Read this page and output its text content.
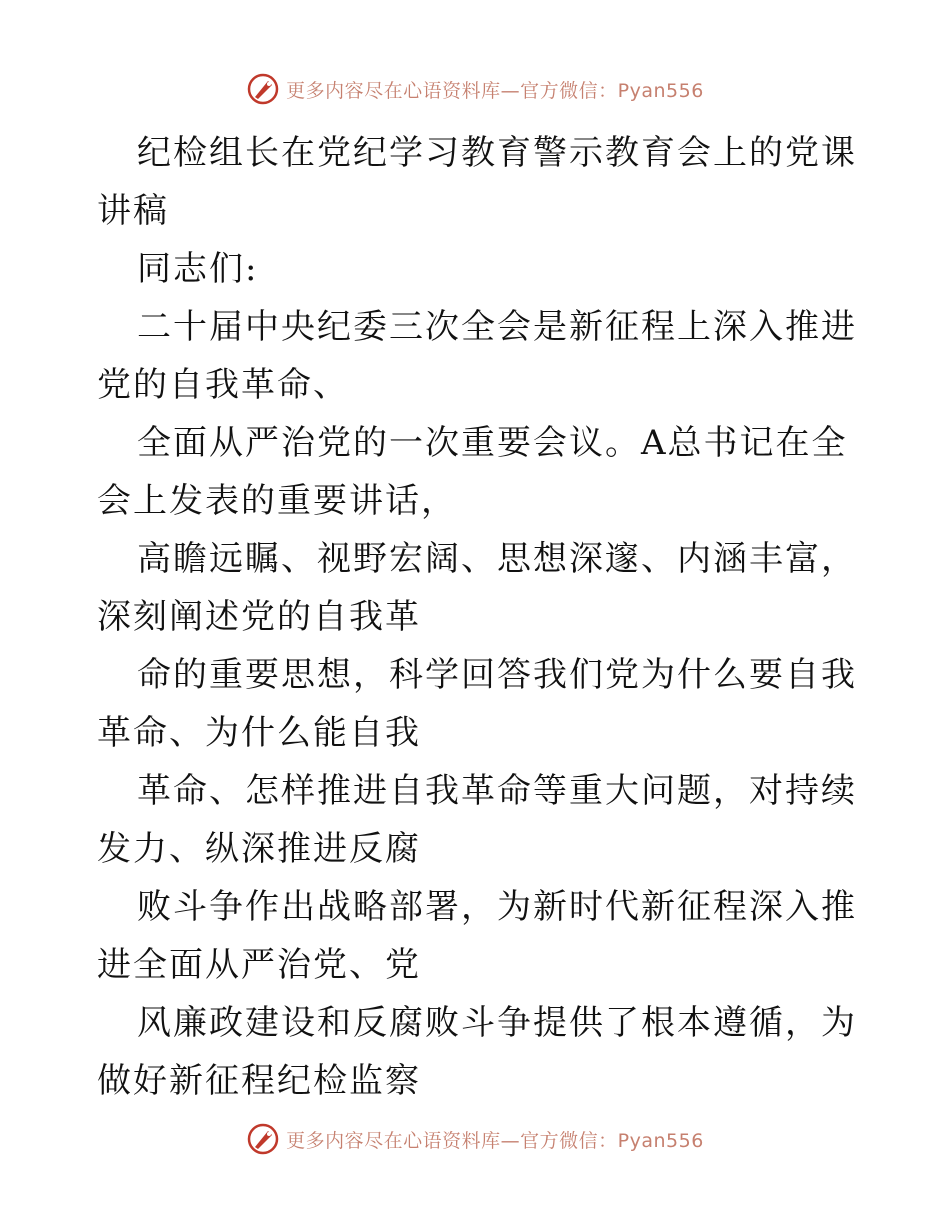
更多内容尽在心语资料库—官方微信：Pyan556

纪检组长在党纪学习教育警示教育会上的党课讲稿

同志们:

二十届中央纪委三次全会是新征程上深入推进党的自我革命、

全面从严治党的一次重要会议。A总书记在全会上发表的重要讲话，

高瞻远瞩、视野宏阔、思想深邃、内涵丰富，深刻阐述党的自我革

命的重要思想，科学回答我们党为什么要自我革命、为什么能自我

革命、怎样推进自我革命等重大问题，对持续发力、纵深推进反腐

败斗争作出战略部署，为新时代新征程深入推进全面从严治党、党

风廉政建设和反腐败斗争提供了根本遵循，为做好新征程纪检监察

更多内容尽在心语资料库—官方微信：Pyan556
